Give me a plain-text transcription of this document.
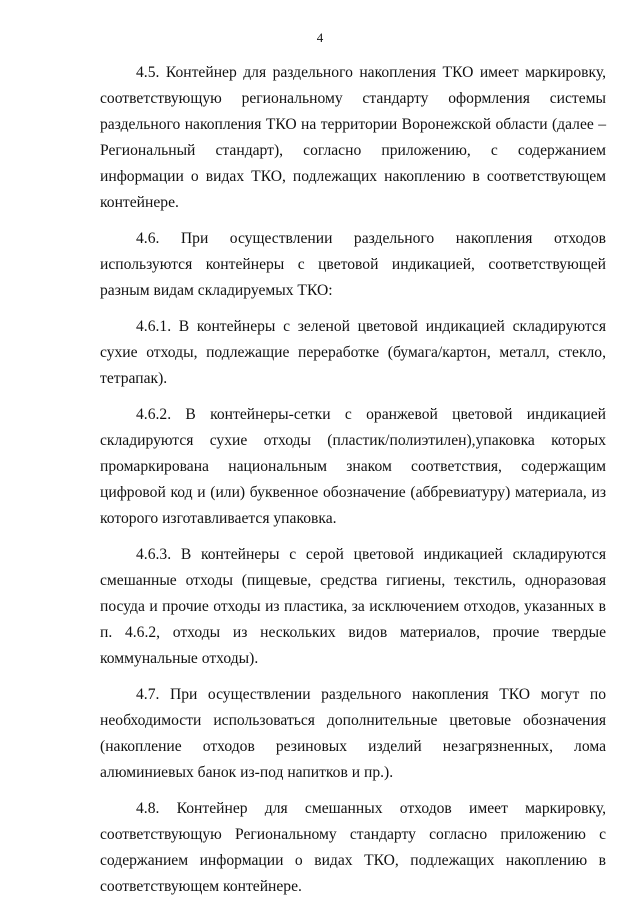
4

4.5. Контейнер для раздельного накопления ТКО имеет маркировку, соответствующую региональному стандарту оформления системы раздельного накопления ТКО на территории Воронежской области (далее – Региональный стандарт), согласно приложению, с содержанием информации о видах ТКО, подлежащих накоплению в соответствующем контейнере.

4.6. При осуществлении раздельного накопления отходов используются контейнеры с цветовой индикацией, соответствующей разным видам складируемых ТКО:

4.6.1. В контейнеры с зеленой цветовой индикацией складируются сухие отходы, подлежащие переработке (бумага/картон, металл, стекло, тетрапак).

4.6.2. В контейнеры-сетки с оранжевой цветовой индикацией складируются сухие отходы (пластик/полиэтилен),упаковка которых промаркирована национальным знаком соответствия, содержащим цифровой код и (или) буквенное обозначение (аббревиатуру) материала, из которого изготавливается упаковка.

4.6.3. В контейнеры с серой цветовой индикацией складируются смешанные отходы (пищевые, средства гигиены, текстиль, одноразовая посуда и прочие отходы из пластика, за исключением отходов, указанных в п. 4.6.2, отходы из нескольких видов материалов, прочие твердые коммунальные отходы).

4.7. При осуществлении раздельного накопления ТКО могут по необходимости использоваться дополнительные цветовые обозначения (накопление отходов резиновых изделий незагрязненных, лома алюминиевых банок из-под напитков и пр.).

4.8. Контейнер для смешанных отходов имеет маркировку, соответствующую Региональному стандарту согласно приложению с содержанием информации о видах ТКО, подлежащих накоплению в соответствующем контейнере.
